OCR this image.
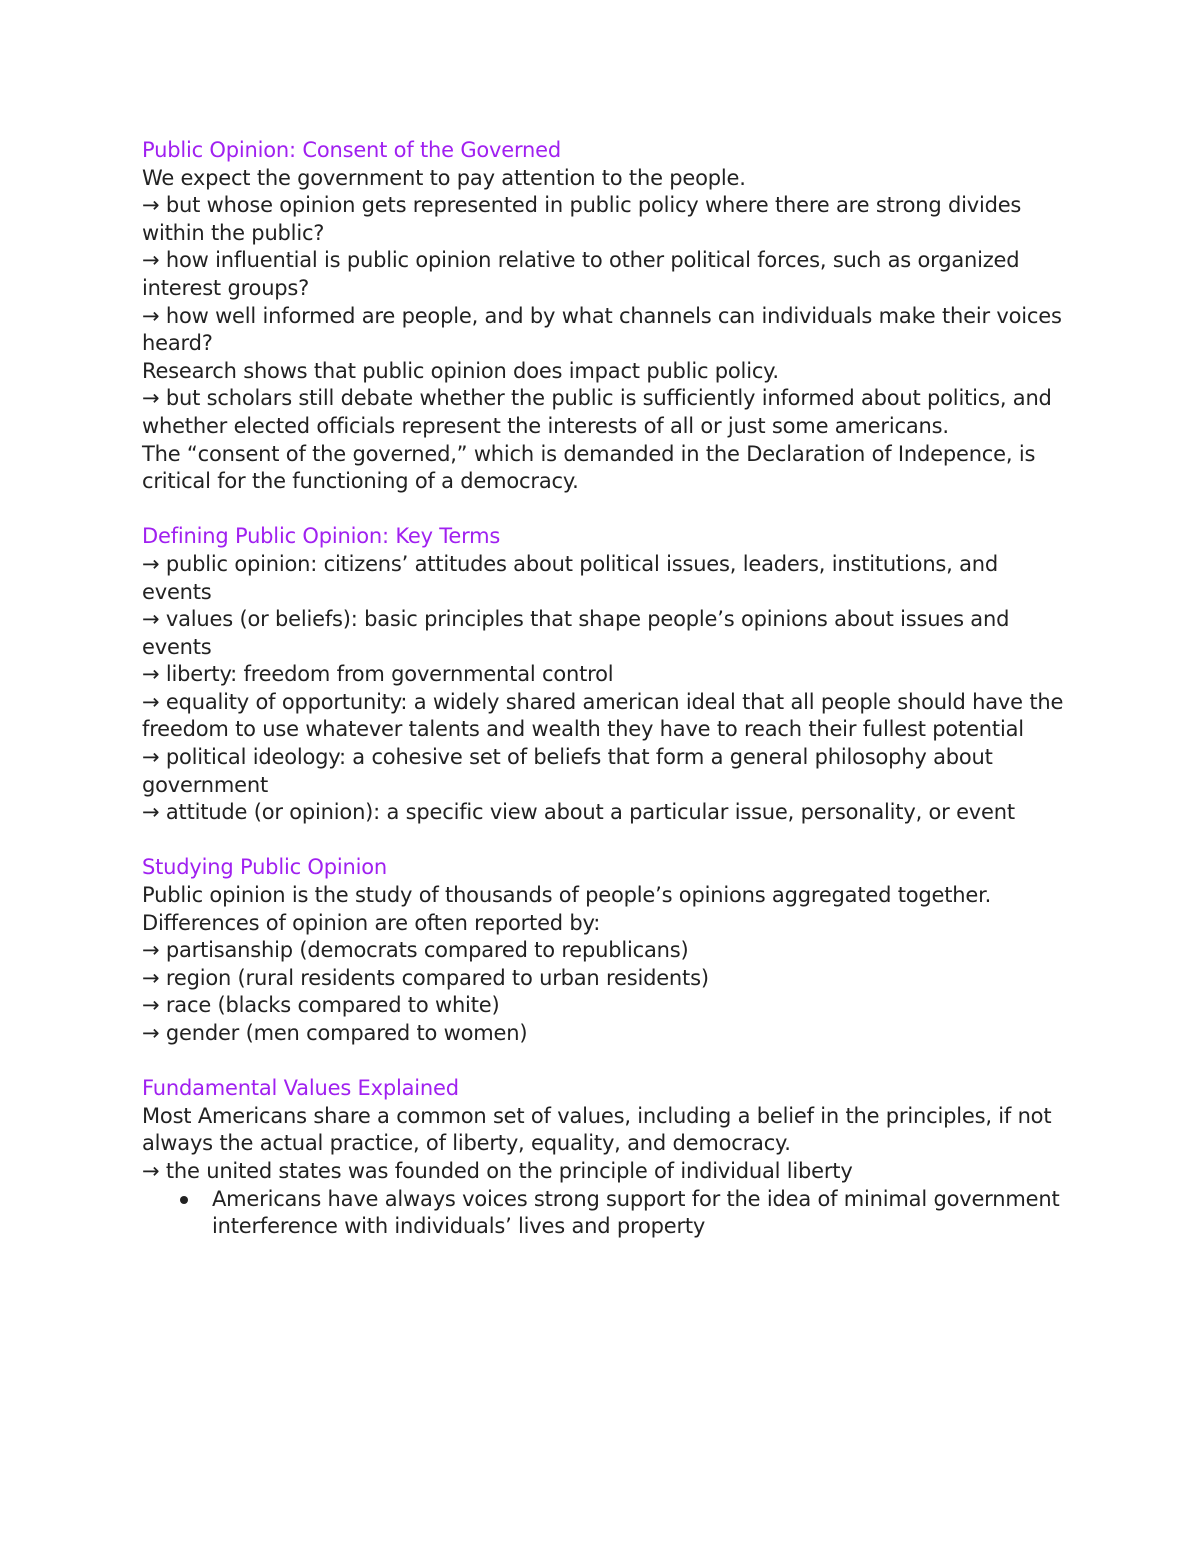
Public Opinion: Consent of the Governed

We expect the government to pay attention to the people.

→ but whose opinion gets represented in public policy where there are strong divides within the public?

→ how influential is public opinion relative to other political forces, such as organized interest groups?

→ how well informed are people, and by what channels can individuals make their voices heard?

Research shows that public opinion does impact public policy.

→ but scholars still debate whether the public is sufficiently informed about politics, and whether elected officials represent the interests of all or just some americans.

The “consent of the governed,” which is demanded in the Declaration of Indepence, is critical for the functioning of a democracy.

Defining Public Opinion: Key Terms

→ public opinion: citizens’ attitudes about political issues, leaders, institutions, and events

→ values (or beliefs): basic principles that shape people’s opinions about issues and events

→ liberty: freedom from governmental control

→ equality of opportunity: a widely shared american ideal that all people should have the freedom to use whatever talents and wealth they have to reach their fullest potential

→ political ideology: a cohesive set of beliefs that form a general philosophy about government

→ attitude (or opinion): a specific view about a particular issue, personality, or event

Studying Public Opinion

Public opinion is the study of thousands of people’s opinions aggregated together.

Differences of opinion are often reported by:

→ partisanship (democrats compared to republicans)

→ region (rural residents compared to urban residents)

→ race (blacks compared to white)

→ gender (men compared to women)

Fundamental Values Explained

Most Americans share a common set of values, including a belief in the principles, if not always the actual practice, of liberty, equality, and democracy.

→ the united states was founded on the principle of individual liberty

Americans have always voices strong support for the idea of minimal government interference with individuals’ lives and property
